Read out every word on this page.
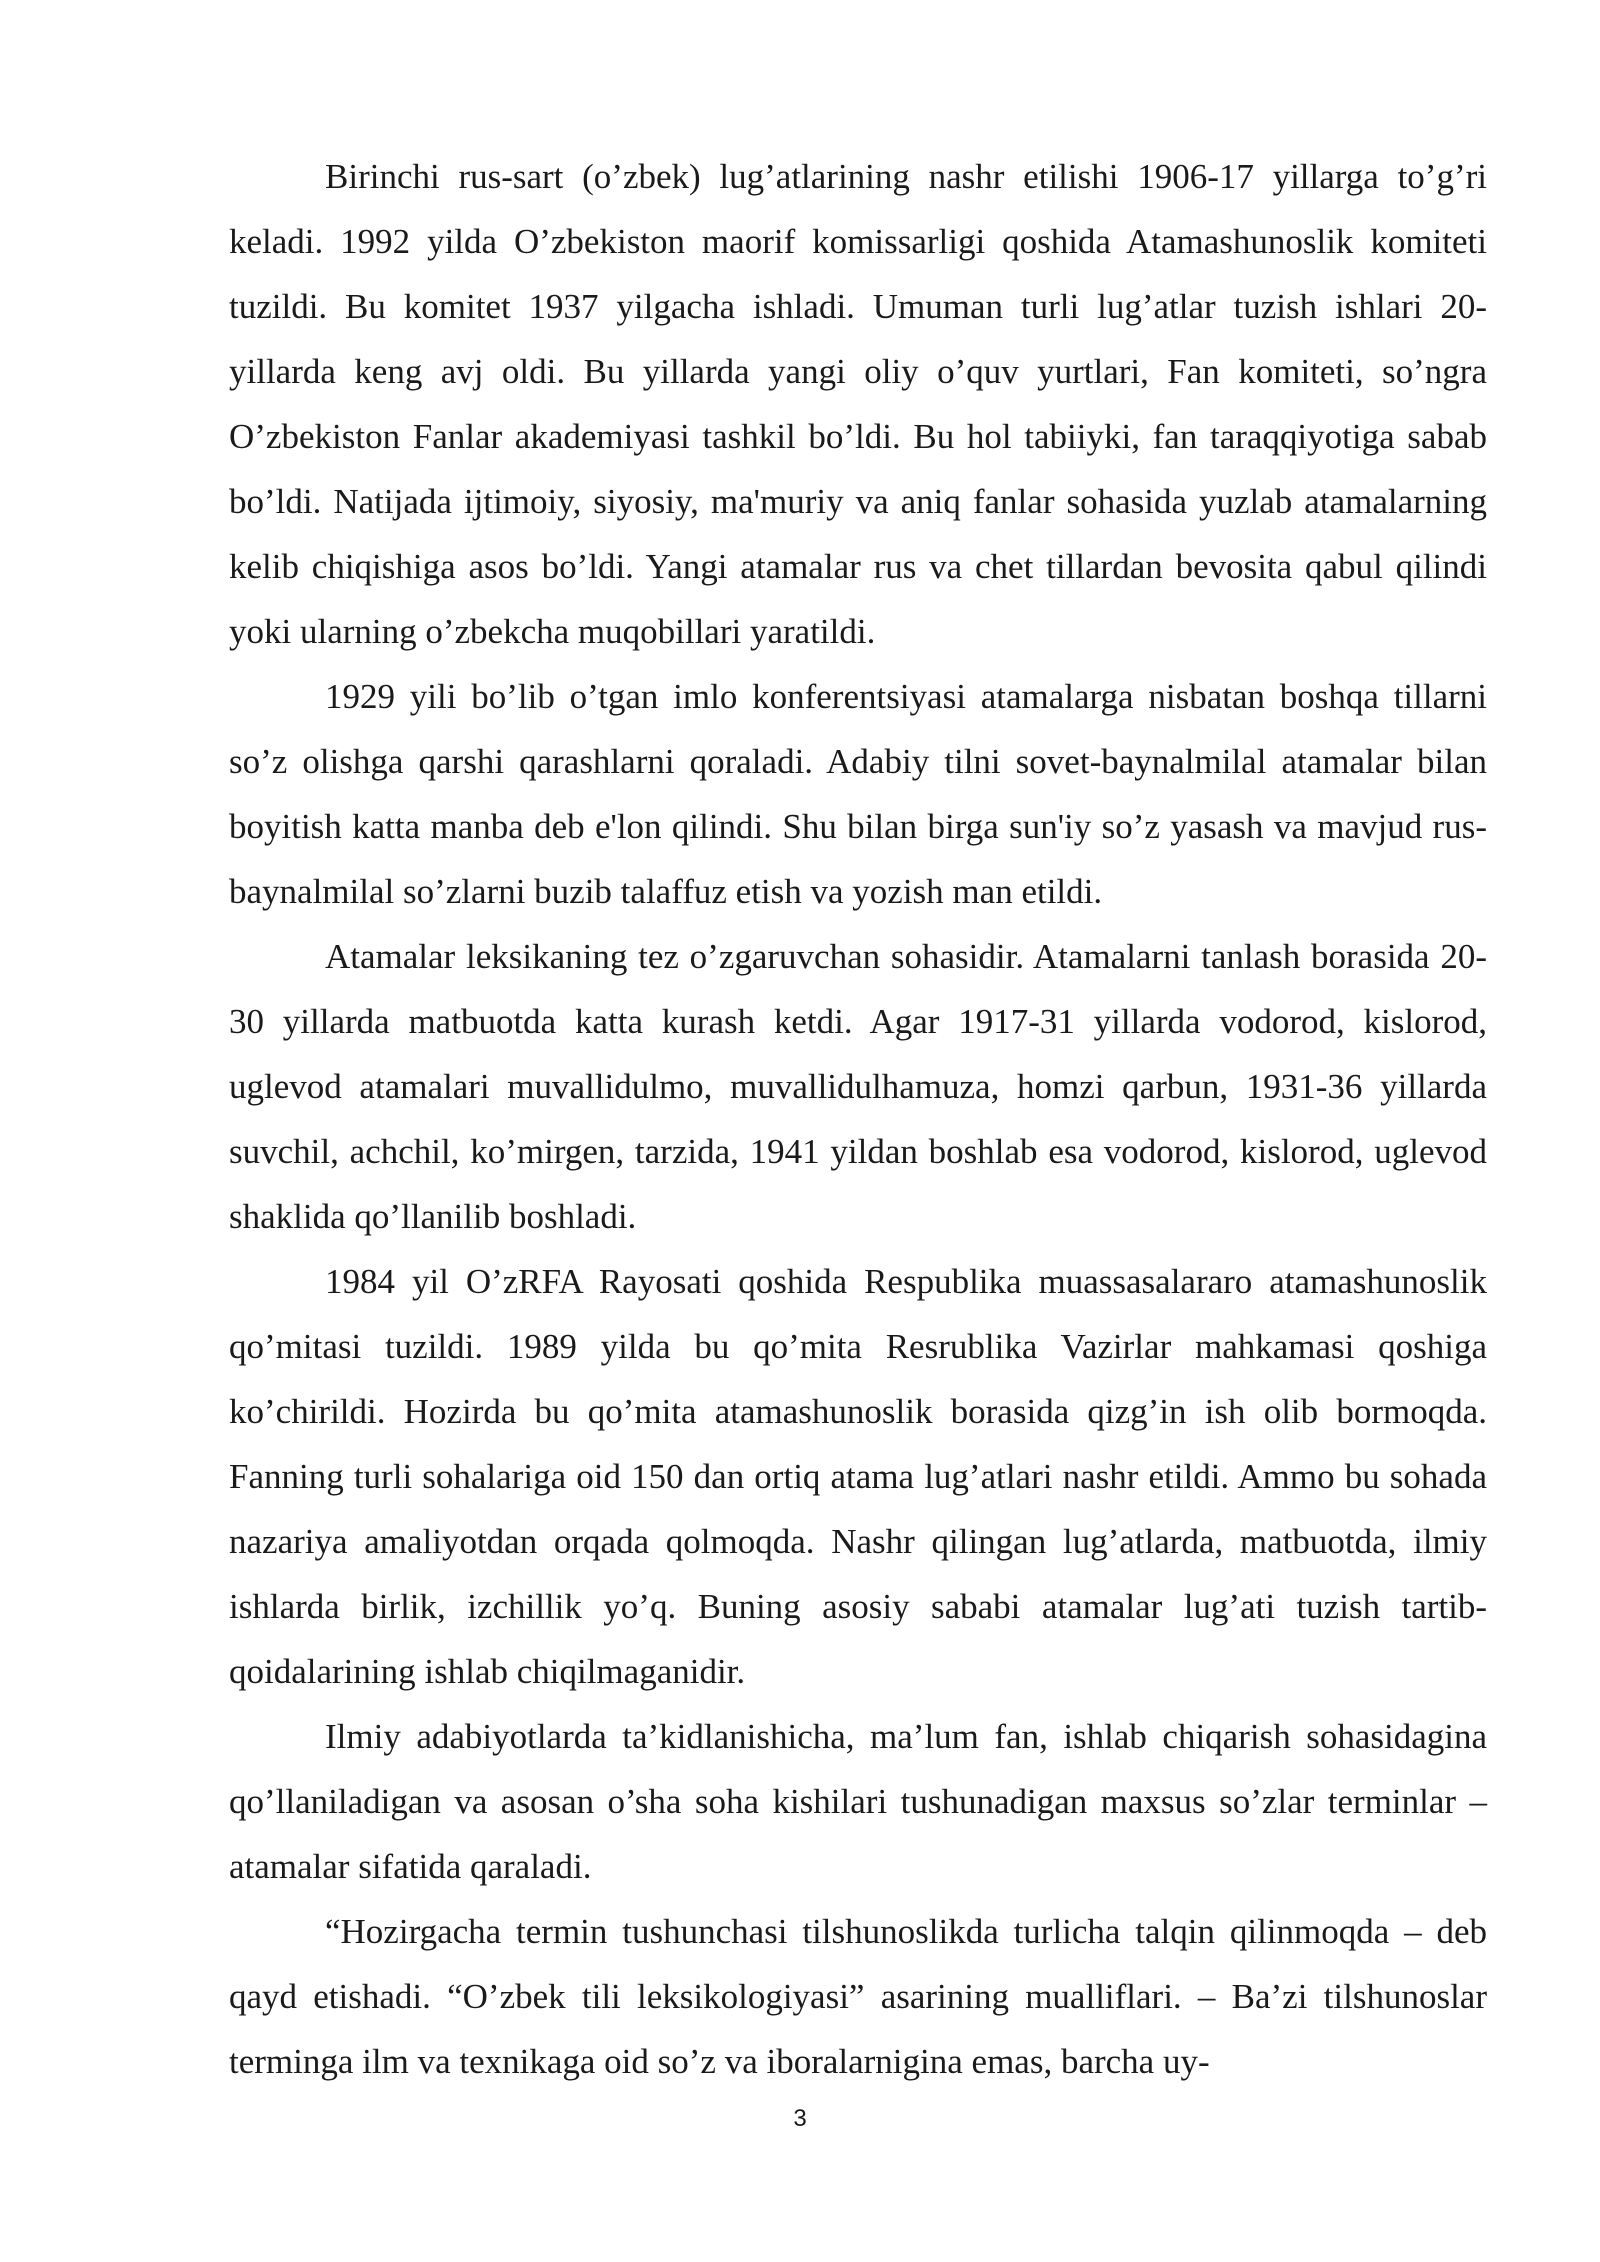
Birinchi rus-sart (o’zbek) lug’atlarining nashr etilishi 1906-17 yillarga to’g’ri keladi. 1992 yilda O’zbekiston maorif komissarligi qoshida Atamashunoslik komiteti tuzildi. Bu komitet 1937 yilgacha ishladi. Umuman turli lug’atlar tuzish ishlari 20-yillarda keng avj oldi. Bu yillarda yangi oliy o’quv yurtlari, Fan komiteti, so’ngra O’zbekiston Fanlar akademiyasi tashkil bo’ldi. Bu hol tabiiyki, fan taraqqiyotiga sabab bo’ldi. Natijada ijtimoiy, siyosiy, ma'muriy va aniq fanlar sohasida yuzlab atamalarning kelib chiqishiga asos bo’ldi. Yangi atamalar rus va chet tillardan bevosita qabul qilindi yoki ularning o’zbekcha muqobillari yaratildi.

1929 yili bo’lib o’tgan imlo konferentsiyasi atamalarga nisbatan boshqa tillarni so’z olishga qarshi qarashlarni qoraladi. Adabiy tilni sovet-baynalmilal atamalar bilan boyitish katta manba deb e'lon qilindi. Shu bilan birga sun'iy so’z yasash va mavjud rus-baynalmilal so’zlarni buzib talaffuz etish va yozish man etildi.

Atamalar leksikaning tez o’zgaruvchan sohasidir. Atamalarni tanlash borasida 20-30 yillarda matbuotda katta kurash ketdi. Agar 1917-31 yillarda vodorod, kislorod, uglevod atamalari muvallidulmo, muvallidulhamuza, homzi qarbun, 1931-36 yillarda suvchil, achchil, ko’mirgen, tarzida, 1941 yildan boshlab esa vodorod, kislorod, uglevod shaklida qo’llanilib boshladi.

1984 yil O’zRFA Rayosati qoshida Respublika muassasalararo atamashunoslik qo’mitasi tuzildi. 1989 yilda bu qo’mita Resrublika Vazirlar mahkamasi qoshiga ko’chirildi. Hozirda bu qo’mita atamashunoslik borasida qizg’in ish olib bormoqda. Fanning turli sohalariga oid 150 dan ortiq atama lug’atlari nashr etildi. Ammo bu sohada nazariya amaliyotdan orqada qolmoqda. Nashr qilingan lug’atlarda, matbuotda, ilmiy ishlarda birlik, izchillik yo’q. Buning asosiy sababi atamalar lug’ati tuzish tartib-qoidalarining ishlab chiqilmaganidir.

Ilmiy adabiyotlarda ta’kidlanishicha, ma’lum fan, ishlab chiqarish sohasidagina qo’llaniladigan va asosan o’sha soha kishilari tushunadigan maxsus so’zlar terminlar – atamalar sifatida qaraladi.

“Hozirgacha termin tushunchasi tilshunoslikda turlicha talqin qilinmoqda – deb qayd etishadi. “O’zbek tili leksikologiyasi” asarining mualliflari. – Ba’zi tilshunoslar terminga ilm va texnikaga oid so’z va iboralarnigina emas, barcha uy-

3
